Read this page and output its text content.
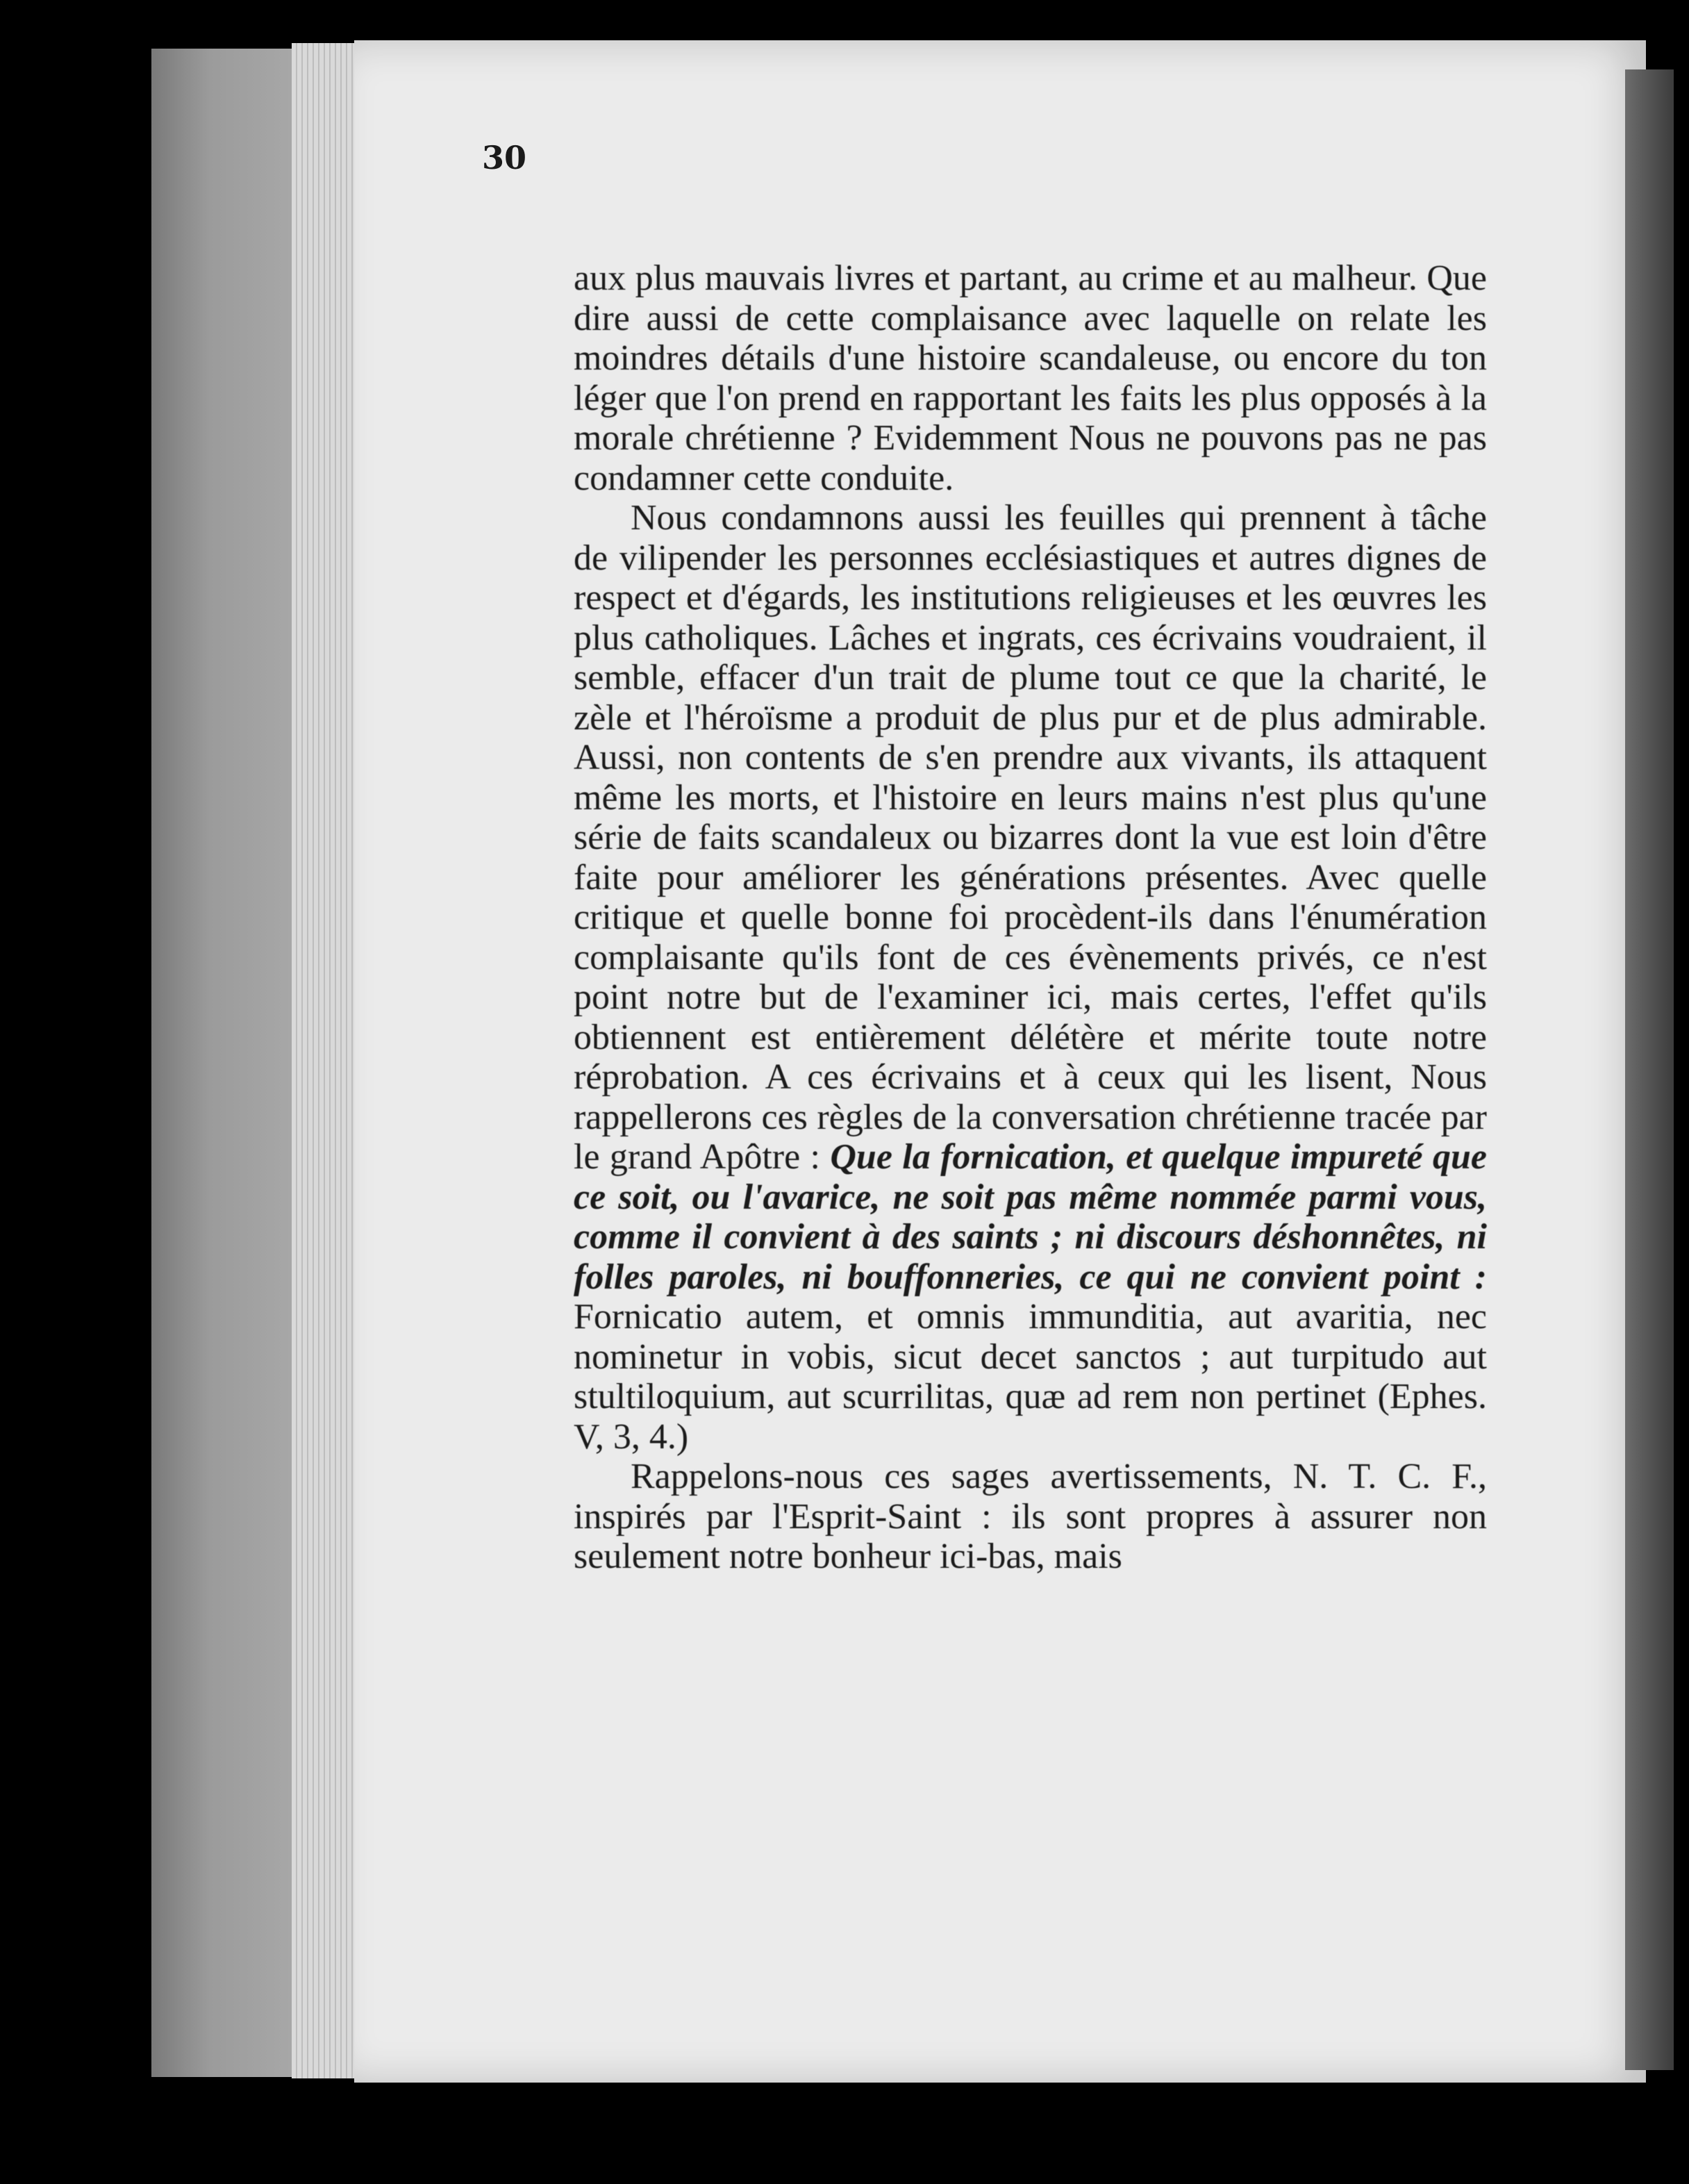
30

aux plus mauvais livres et partant, au crime et au malheur. Que dire aussi de cette complaisance avec laquelle on relate les moindres détails d'une histoire scandaleuse, ou encore du ton léger que l'on prend en rapportant les faits les plus opposés à la morale chrétienne ? Evidemment Nous ne pouvons pas ne pas condamner cette conduite.

Nous condamnons aussi les feuilles qui prennent à tâche de vilipender les personnes ecclésiastiques et autres dignes de respect et d'égards, les institutions religieuses et les œuvres les plus catholiques. Lâches et ingrats, ces écrivains voudraient, il semble, effacer d'un trait de plume tout ce que la charité, le zèle et l'héroïsme a produit de plus pur et de plus admirable. Aussi, non contents de s'en prendre aux vivants, ils attaquent même les morts, et l'histoire en leurs mains n'est plus qu'une série de faits scandaleux ou bizarres dont la vue est loin d'être faite pour améliorer les générations présentes. Avec quelle critique et quelle bonne foi procèdent-ils dans l'énumération complaisante qu'ils font de ces évènements privés, ce n'est point notre but de l'examiner ici, mais certes, l'effet qu'ils obtiennent est entièrement délétère et mérite toute notre réprobation. A ces écrivains et à ceux qui les lisent, Nous rappellerons ces règles de la conversation chrétienne tracée par le grand Apôtre : Que la fornication, et quelque impureté que ce soit, ou l'avarice, ne soit pas même nommée parmi vous, comme il convient à des saints ; ni discours déshonnêtes, ni folles paroles, ni bouffonneries, ce qui ne convient point : Fornicatio autem, et omnis immunditia, aut avaritia, nec nominetur in vobis, sicut decet sanctos ; aut turpitudo aut stultiloquium, aut scurrilitas, quæ ad rem non pertinet (Ephes. V, 3, 4.)

Rappelons-nous ces sages avertissements, N. T. C. F., inspirés par l'Esprit-Saint : ils sont propres à assurer non seulement notre bonheur ici-bas, mais
